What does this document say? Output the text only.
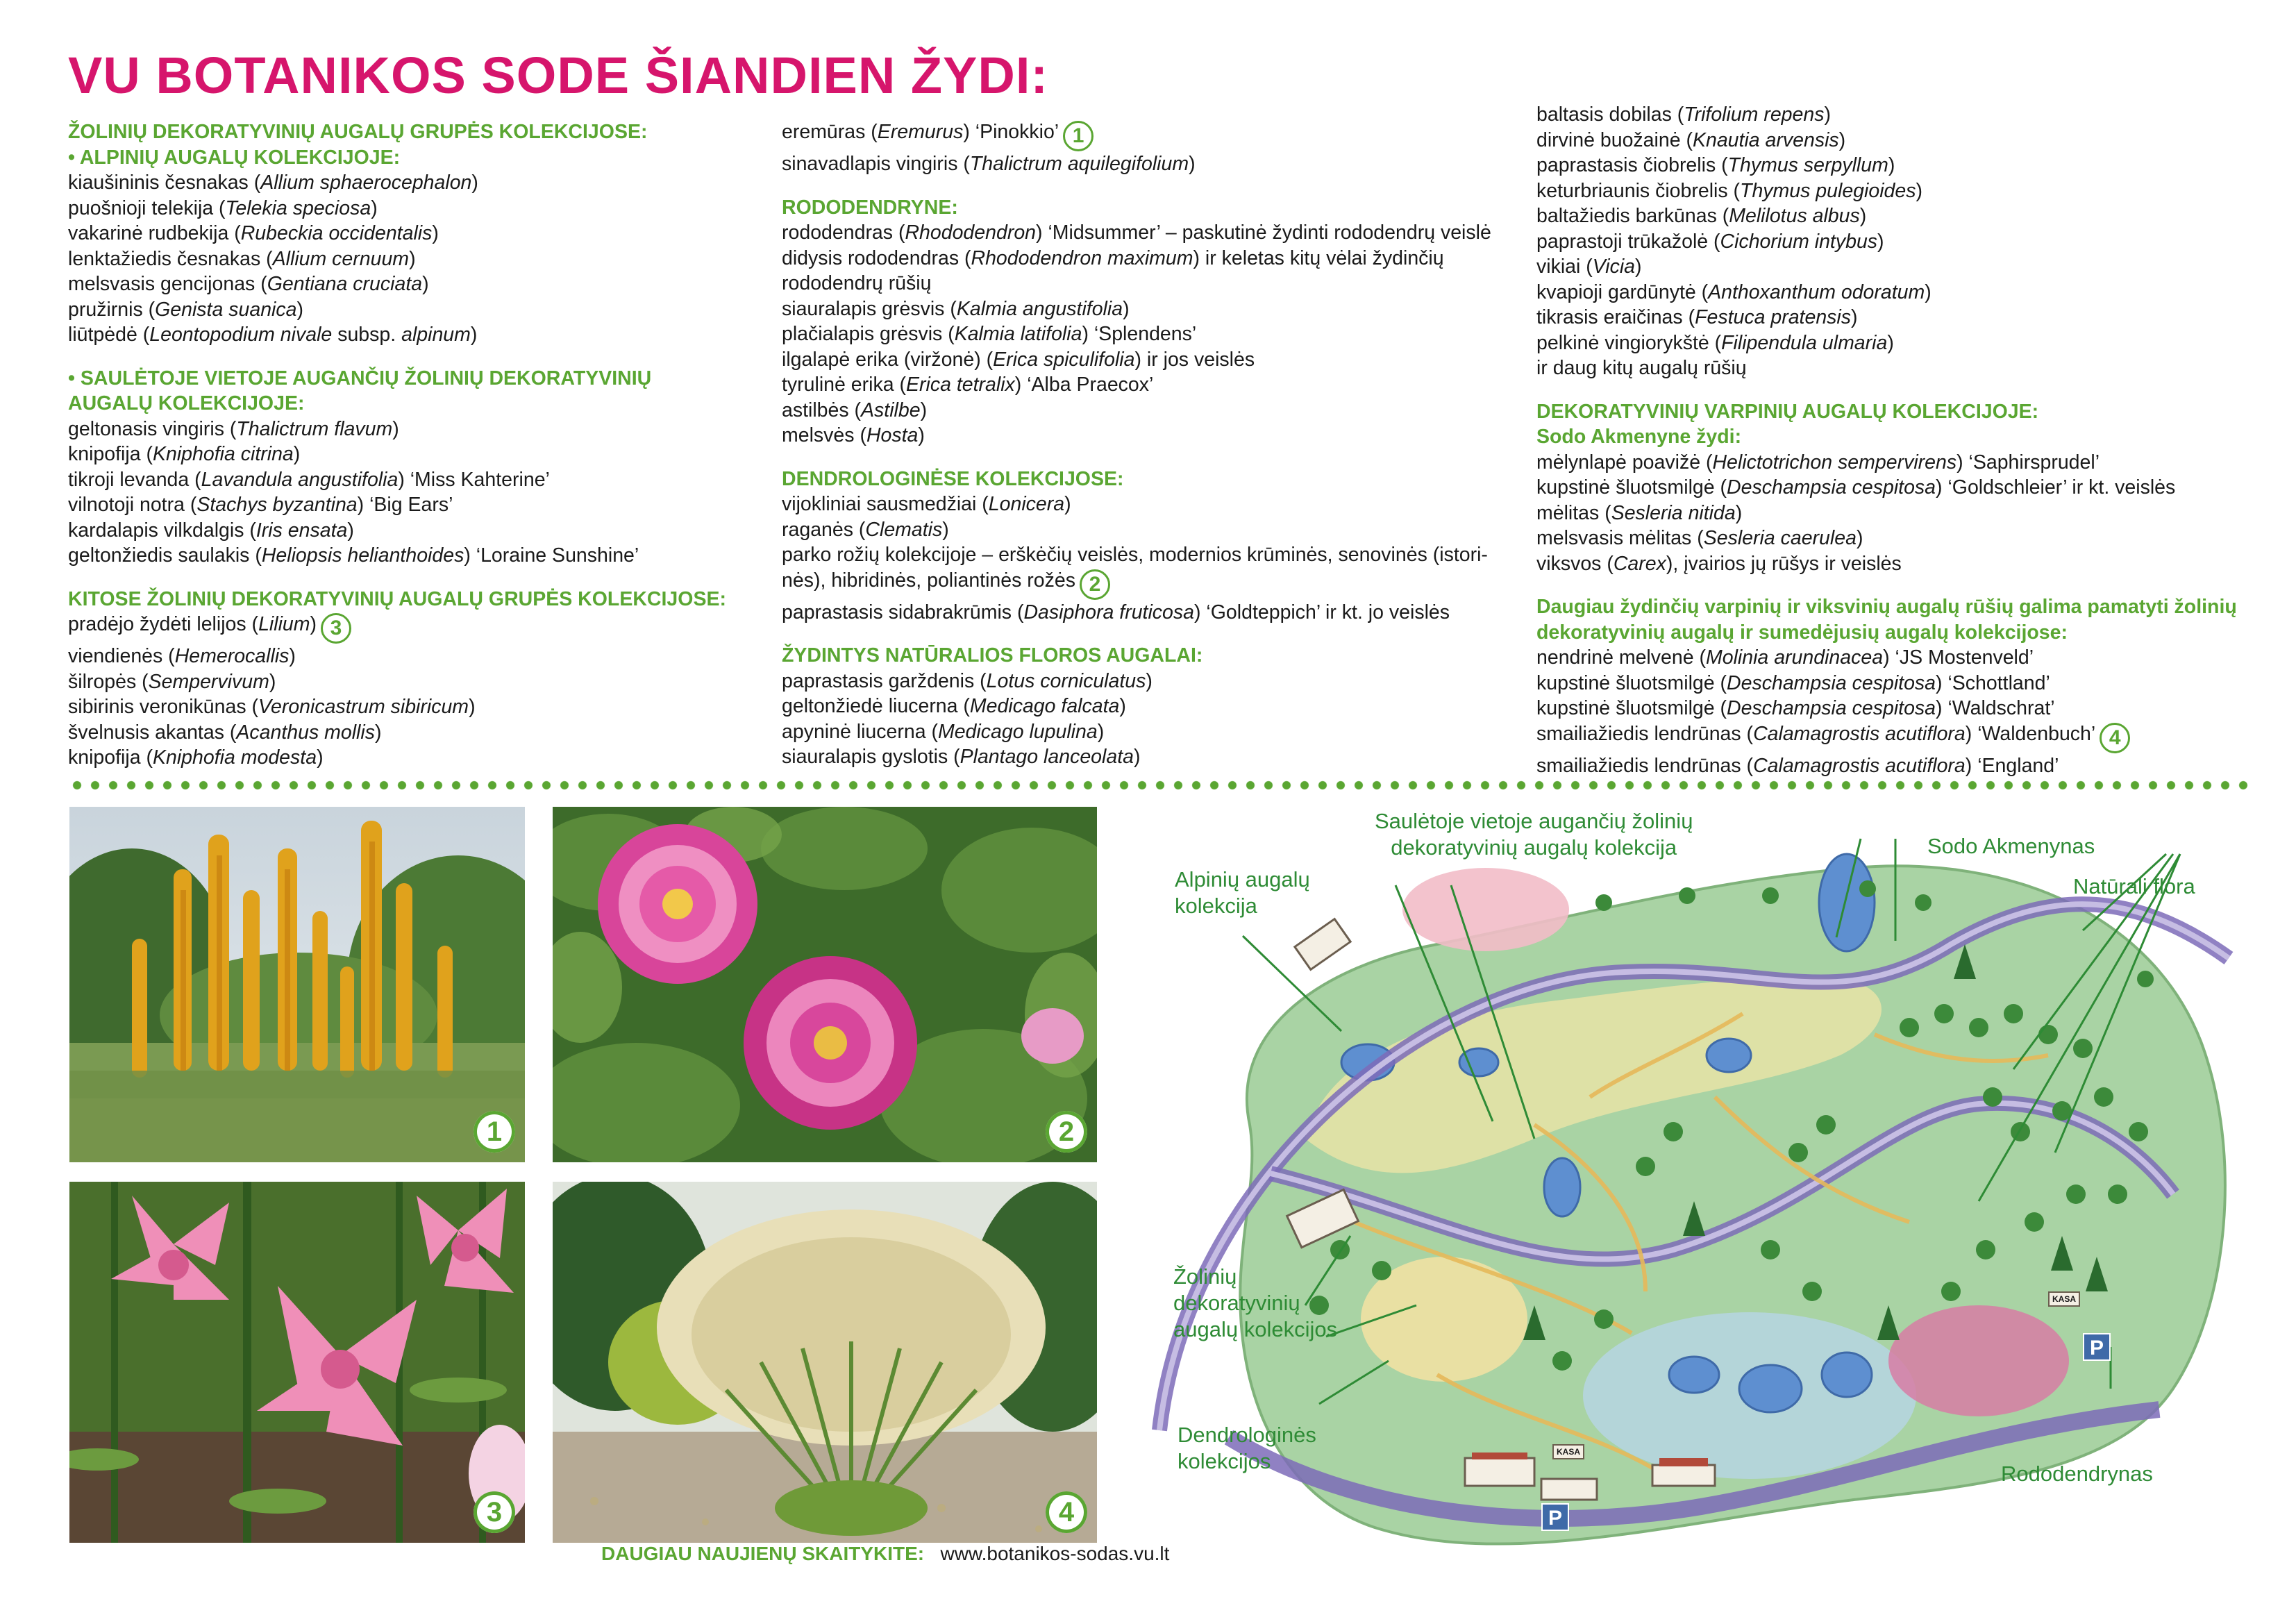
VU BOTANIKOS SODE ŠIANDIEN ŽYDI:
ŽOLINIŲ DEKORATYVINIŲ AUGALŲ GRUPĖS KOLEKCIJOSE:
• ALPINIŲ AUGALŲ KOLEKCIJOJE:
kiaušininis česnakas (Allium sphaerocephalon)
puošnioji telekija (Telekia speciosa)
vakarinė rudbekija (Rubeckia occidentalis)
lenktažiedis česnakas (Allium cernuum)
melsvasis gencijonas (Gentiana cruciata)
pružirnis (Genista suanica)
liūtpėdė (Leontopodium nivale subsp. alpinum)
• SAULĖTOJE VIETOJE AUGANČIŲ ŽOLINIŲ DEKORATYVINIŲ
AUGALŲ KOLEKCIJOJE:
geltonasis vingiris (Thalictrum flavum)
knipofija (Kniphofia citrina)
tikroji levanda (Lavandula angustifolia) ‘Miss Kahterine’
vilnotoji notra (Stachys byzantina) ‘Big Ears’
kardalapis vilkdalgis (Iris ensata)
geltonžiedis saulakis (Heliopsis helianthoides) ‘Loraine Sunshine’
KITOSE ŽOLINIŲ DEKORATYVINIŲ AUGALŲ GRUPĖS KOLEKCIJOSE:
pradėjo žydėti lelijos (Lilium) 3
viendienės (Hemerocallis)
šilropės (Sempervivum)
sibirinis veronikūnas (Veronicastrum sibiricum)
švelnusis akantas (Acanthus mollis)
knipofija (Kniphofia modesta)
eremūras (Eremurus) ‘Pinokkio’ 1
sinavadlapis vingiris (Thalictrum aquilegifolium)
RODODENDRYNE:
rododendras (Rhododendron) ‘Midsummer’ – paskutinė žydinti rododendrų veislė
didysis rododendras (Rhododendron maximum) ir keletas kitų vėlai žydinčių
rododendrų rūšių
siauralapis grėsvis (Kalmia angustifolia)
plačialapis grėsvis (Kalmia latifolia) ‘Splendens’
ilgalapė erika (viržonė) (Erica spiculifolia) ir jos veislės
tyrulinė erika (Erica tetralix) ‘Alba Praecox’
astilbės (Astilbe)
melsvės (Hosta)
DENDROLOGINĖSE KOLEKCIJOSE:
vijokliniai sausmedžiai (Lonicera)
raganės (Clematis)
parko rožių kolekcijoje – erškėčių veislės, modernios krūminės, senovinės (istori-
nės), hibridinės, poliantinės rožės 2
paprastasis sidabrakrūmis (Dasiphora fruticosa) ‘Goldteppich’ ir kt. jo veislės
ŽYDINTYS NATŪRALIOS FLOROS AUGALAI:
paprastasis garždenis (Lotus corniculatus)
geltonžiedė liucerna (Medicago falcata)
apyninė liucerna (Medicago lupulina)
siauralapis gyslotis (Plantago lanceolata)
baltasis dobilas (Trifolium repens)
dirvinė buožainė (Knautia arvensis)
paprastasis čiobrelis (Thymus serpyllum)
keturbriaunis čiobrelis (Thymus pulegioides)
baltažiedis barkūnas (Melilotus albus)
paprastoji trūkažolė (Cichorium intybus)
vikiai (Vicia)
kvapioji gardūnytė (Anthoxanthum odoratum)
tikrasis eraičinas (Festuca pratensis)
pelkinė vingiorykštė (Filipendula ulmaria)
ir daug kitų augalų rūšių
DEKORATYVINIŲ VARPINIŲ AUGALŲ KOLEKCIJOJE:
Sodo Akmenyne žydi:
mėlynlapė poavižė (Helictotrichon sempervirens) ‘Saphirsprudel’
kupstinė šluotsmilgė (Deschampsia cespitosa) ‘Goldschleier’ ir kt. veislės
mėlitas (Sesleria nitida)
melsvasis mėlitas (Sesleria caerulea)
viksvos (Carex), įvairios jų rūšys ir veislės
Daugiau žydinčių varpinių ir viksvinių augalų rūšių galima pamatyti žolinių
dekoratyvinių augalų ir sumedėjusių augalų kolekcijose:
nendrinė melvenė (Molinia arundinacea) ‘JS Mostenveld’
kupstinė šluotsmilgė (Deschampsia cespitosa) ‘Schottland’
kupstinė šluotsmilgė (Deschampsia cespitosa) ‘Waldschrat’
smailiažiedis lendrūnas (Calamagrostis acutiflora) ‘Waldenbuch’ 4
smailiažiedis lendrūnas (Calamagrostis acutiflora) ‘England’
1	2
3	4
DAUGIAU NAUJIENŲ SKAITYKITE: www.botanikos-sodas.vu.lt
Saulėtoje vietoje augančių žolinių
dekoratyvinių augalų kolekcija	Sodo Akmenynas
Alpinių augalų
kolekcija
Natūrali flora
Žolinių
dekoratyvinių
augalų kolekcijos
Dendrologinės
kolekcijos
Rododendrynas
P
P
KASA
KASA
